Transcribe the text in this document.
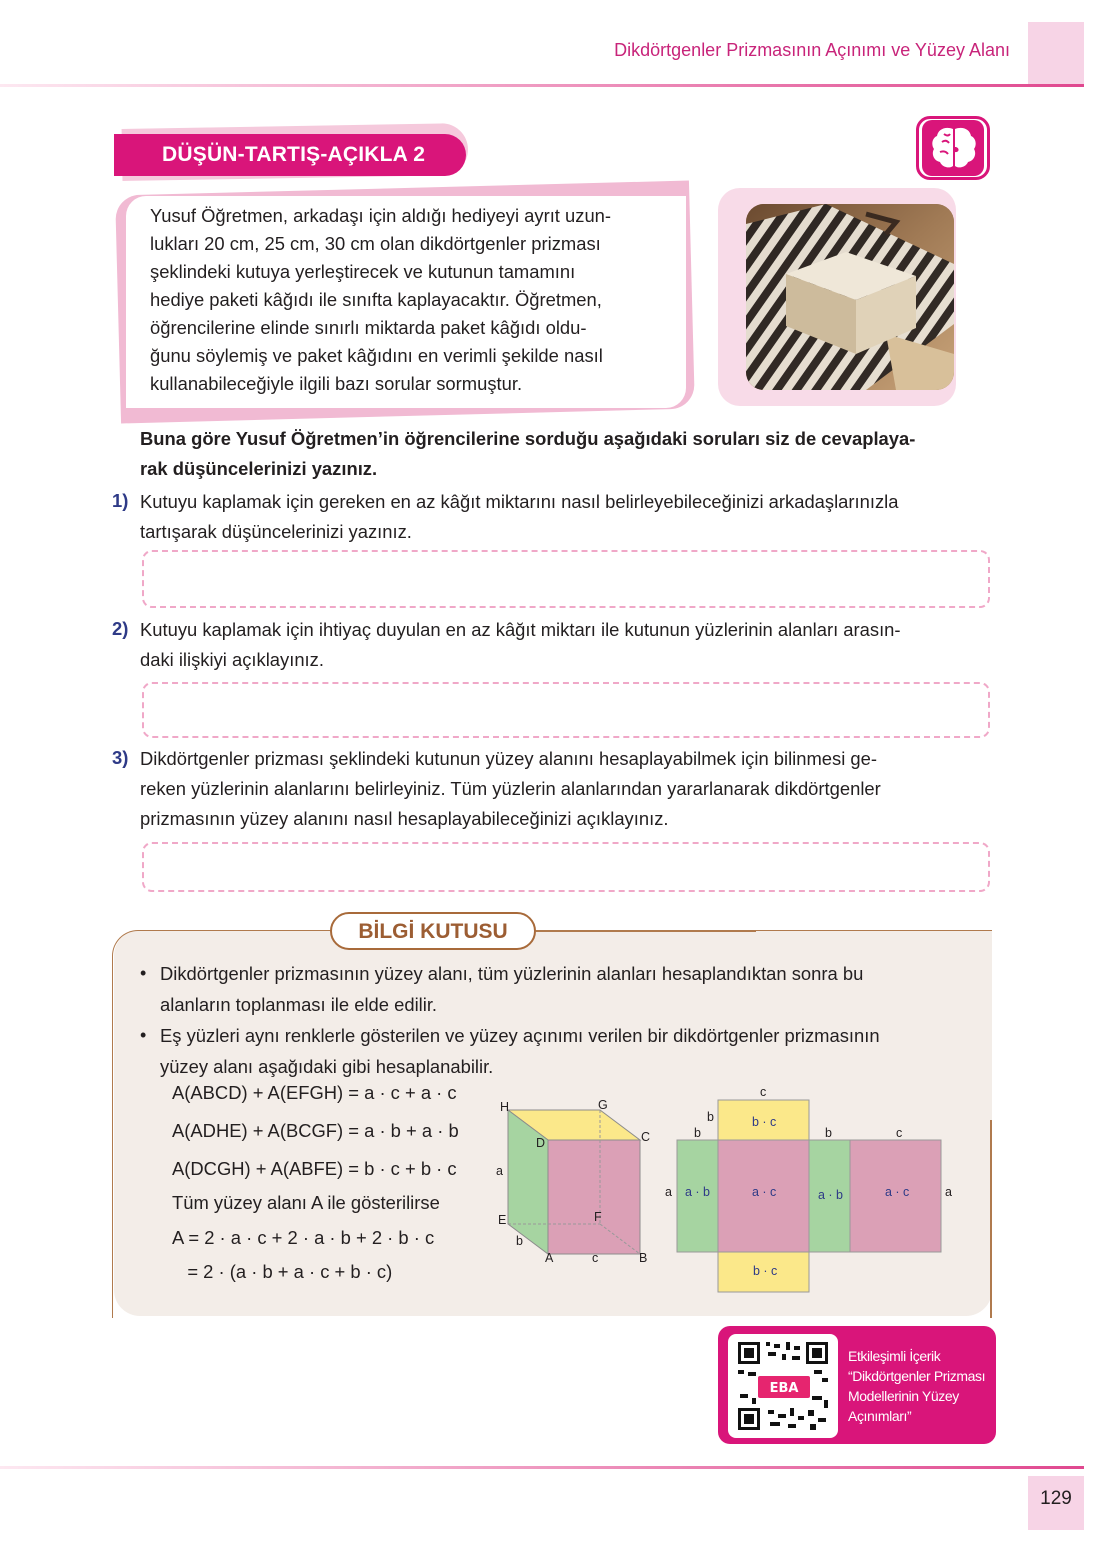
Dikdörtgenler Prizmasının Açınımı ve Yüzey Alanı
DÜŞÜN-TARTIŞ-AÇIKLA 2
Yusuf Öğretmen, arkadaşı için aldığı hediyeyi ayrıt uzun-
lukları 20 cm, 25 cm, 30 cm olan dikdörtgenler prizması
şeklindeki kutuya yerleştirecek ve kutunun tamamını
hediye paketi kâğıdı ile sınıfta kaplayacaktır. Öğretmen,
öğrencilerine elinde sınırlı miktarda paket kâğıdı oldu-
ğunu söylemiş ve paket kâğıdını en verimli şekilde nasıl
kullanabileceğiyle ilgili bazı sorular sormuştur.
Buna göre Yusuf Öğretmen’in öğrencilerine sorduğu aşağıdaki soruları siz de cevaplaya-
rak düşüncelerinizi yazınız.
1) Kutuyu kaplamak için gereken en az kâğıt miktarını nasıl belirleyebileceğinizi arkadaşlarınızla
tartışarak düşüncelerinizi yazınız.
2) Kutuyu kaplamak için ihtiyaç duyulan en az kâğıt miktarı ile kutunun yüzlerinin alanları arasın-
daki ilişkiyi açıklayınız.
3) Dikdörtgenler prizması şeklindeki kutunun yüzey alanını hesaplayabilmek için bilinmesi ge-
reken yüzlerinin alanlarını belirleyiniz. Tüm yüzlerin alanlarından yararlanarak dikdörtgenler
prizmasının yüzey alanını nasıl hesaplayabileceğinizi açıklayınız.
BİLGİ KUTUSU
• Dikdörtgenler prizmasının yüzey alanı, tüm yüzlerinin alanları hesaplandıktan sonra bu
alanların toplanması ile elde edilir.
• Eş yüzleri aynı renklerle gösterilen ve yüzey açınımı verilen bir dikdörtgenler prizmasının
yüzey alanı aşağıdaki gibi hesaplanabilir.
A(ABCD) + A(EFGH) = a · c + a · c
A(ADHE) + A(BCGF) = a · b + a · b
A(DCGH) + A(ABFE) = b · c + b · c
Tüm yüzey alanı A ile gösterilirse
A = 2 · a · c + 2 · a · b + 2 · b · c
= 2 · (a · b + a · c + b · c)
H	G
C
D
a
E	F
b
A	c	B
c
b
b	b	c
a	a
b · c
a · b	a · c	a · b	a · c
b · c
EBA
Etkileşimli İçerik
“Dikdörtgenler Prizması
Modellerinin Yüzey
Açınımları”
129
